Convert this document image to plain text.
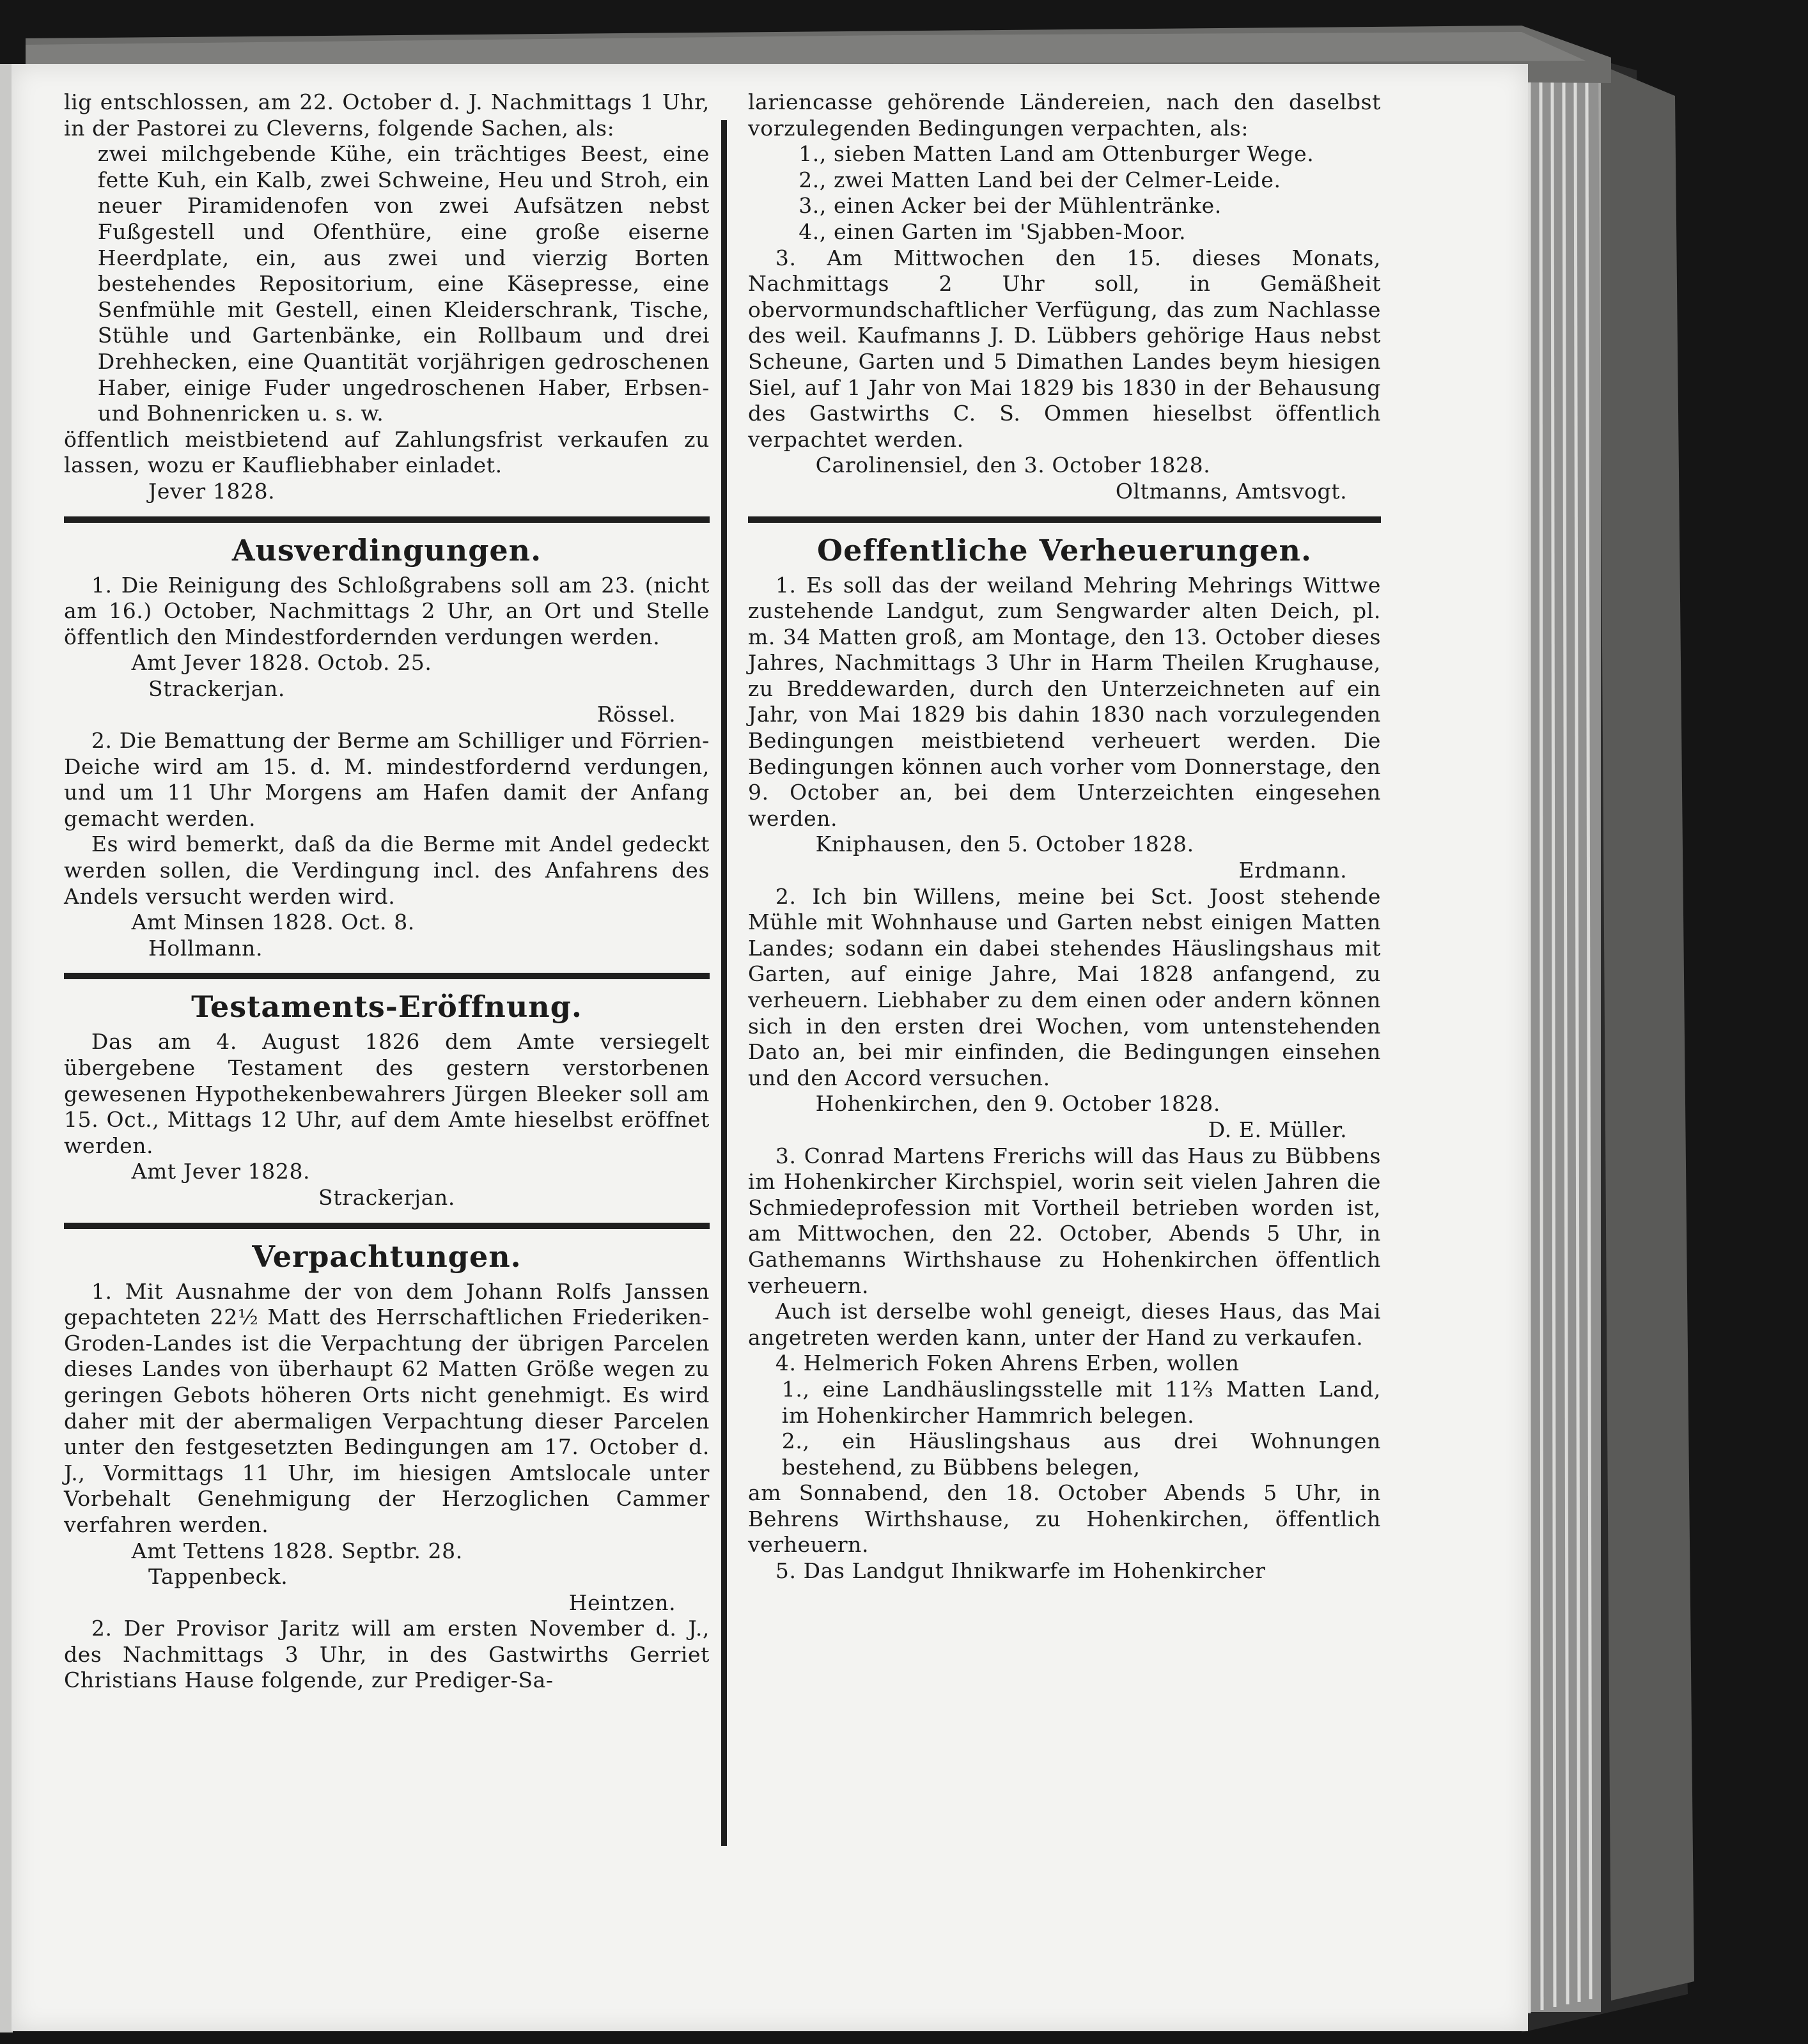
lig entschlossen, am 22. October d. J. Nachmittags 1 Uhr, in der Pastorei zu Cleverns, folgende Sachen, als:

zwei milchgebende Kühe, ein trächtiges Beest, eine fette Kuh, ein Kalb, zwei Schweine, Heu und Stroh, ein neuer Piramidenofen von zwei Aufsätzen nebst Fußgestell und Ofenthüre, eine große eiserne Heerdplate, ein, aus zwei und vierzig Borten bestehendes Repositorium, eine Käsepresse, eine Senfmühle mit Gestell, einen Kleiderschrank, Tische, Stühle und Gartenbänke, ein Rollbaum und drei Drehhecken, eine Quantität vorjährigen gedroschenen Haber, einige Fuder ungedroschenen Haber, Erbsen- und Bohnenricken u. s. w.

öffentlich meistbietend auf Zahlungsfrist verkaufen zu lassen, wozu er Kaufliebhaber einladet.

Jever 1828.

Ausverdingungen.

1. Die Reinigung des Schloßgrabens soll am 23. (nicht am 16.) October, Nachmittags 2 Uhr, an Ort und Stelle öffentlich den Mindestfordernden verdungen werden.

Amt Jever 1828. Octob. 25.

Strackerjan.

Rössel.

2. Die Bemattung der Berme am Schilliger und Förrien-Deiche wird am 15. d. M. mindestfordernd verdungen, und um 11 Uhr Morgens am Hafen damit der Anfang gemacht werden.

Es wird bemerkt, daß da die Berme mit Andel gedeckt werden sollen, die Verdingung incl. des Anfahrens des Andels versucht werden wird.

Amt Minsen 1828. Oct. 8.

Hollmann.

Testaments-Eröffnung.

Das am 4. August 1826 dem Amte versiegelt übergebene Testament des gestern verstorbenen gewesenen Hypothekenbewahrers Jürgen Bleeker soll am 15. Oct., Mittags 12 Uhr, auf dem Amte hieselbst eröffnet werden.

Amt Jever 1828.

Strackerjan.

Verpachtungen.

1. Mit Ausnahme der von dem Johann Rolfs Janssen gepachteten 22½ Matt des Herrschaftlichen Friederiken-Groden-Landes ist die Verpachtung der übrigen Parcelen dieses Landes von überhaupt 62 Matten Größe wegen zu geringen Gebots höheren Orts nicht genehmigt. Es wird daher mit der abermaligen Verpachtung dieser Parcelen unter den festgesetzten Bedingungen am 17. October d. J., Vormittags 11 Uhr, im hiesigen Amtslocale unter Vorbehalt Genehmigung der Herzoglichen Cammer verfahren werden.

Amt Tettens 1828. Septbr. 28.

Tappenbeck.

Heintzen.

2. Der Provisor Jaritz will am ersten November d. J., des Nachmittags 3 Uhr, in des Gastwirths Gerriet Christians Hause folgende, zur Prediger-Sa-

lariencasse gehörende Ländereien, nach den daselbst vorzulegenden Bedingungen verpachten, als:

1., sieben Matten Land am Ottenburger Wege.

2., zwei Matten Land bei der Celmer-Leide.

3., einen Acker bei der Mühlentränke.

4., einen Garten im 'Sjabben-Moor.

3. Am Mittwochen den 15. dieses Monats, Nachmittags 2 Uhr soll, in Gemäßheit obervormundschaftlicher Verfügung, das zum Nachlasse des weil. Kaufmanns J. D. Lübbers gehörige Haus nebst Scheune, Garten und 5 Dimathen Landes beym hiesigen Siel, auf 1 Jahr von Mai 1829 bis 1830 in der Behausung des Gastwirths C. S. Ommen hieselbst öffentlich verpachtet werden.

Carolinensiel, den 3. October 1828.

Oltmanns, Amtsvogt.

Oeffentliche Verheuerungen.

1. Es soll das der weiland Mehring Mehrings Wittwe zustehende Landgut, zum Sengwarder alten Deich, pl. m. 34 Matten groß, am Montage, den 13. October dieses Jahres, Nachmittags 3 Uhr in Harm Theilen Krughause, zu Breddewarden, durch den Unterzeichneten auf ein Jahr, von Mai 1829 bis dahin 1830 nach vorzulegenden Bedingungen meistbietend verheuert werden. Die Bedingungen können auch vorher vom Donnerstage, den 9. October an, bei dem Unterzeichten eingesehen werden.

Kniphausen, den 5. October 1828.

Erdmann.

2. Ich bin Willens, meine bei Sct. Joost stehende Mühle mit Wohnhause und Garten nebst einigen Matten Landes; sodann ein dabei stehendes Häuslingshaus mit Garten, auf einige Jahre, Mai 1828 anfangend, zu verheuern. Liebhaber zu dem einen oder andern können sich in den ersten drei Wochen, vom untenstehenden Dato an, bei mir einfinden, die Bedingungen einsehen und den Accord versuchen.

Hohenkirchen, den 9. October 1828.

D. E. Müller.

3. Conrad Martens Frerichs will das Haus zu Bübbens im Hohenkircher Kirchspiel, worin seit vielen Jahren die Schmiedeprofession mit Vortheil betrieben worden ist, am Mittwochen, den 22. October, Abends 5 Uhr, in Gathemanns Wirthshause zu Hohenkirchen öffentlich verheuern.

Auch ist derselbe wohl geneigt, dieses Haus, das Mai angetreten werden kann, unter der Hand zu verkaufen.

4. Helmerich Foken Ahrens Erben, wollen

1., eine Landhäuslingsstelle mit 11⅔ Matten Land, im Hohenkircher Hammrich belegen.

2., ein Häuslingshaus aus drei Wohnungen bestehend, zu Bübbens belegen,

am Sonnabend, den 18. October Abends 5 Uhr, in Behrens Wirthshause, zu Hohenkirchen, öffentlich verheuern.

5. Das Landgut Ihnikwarfe im Hohenkircher
